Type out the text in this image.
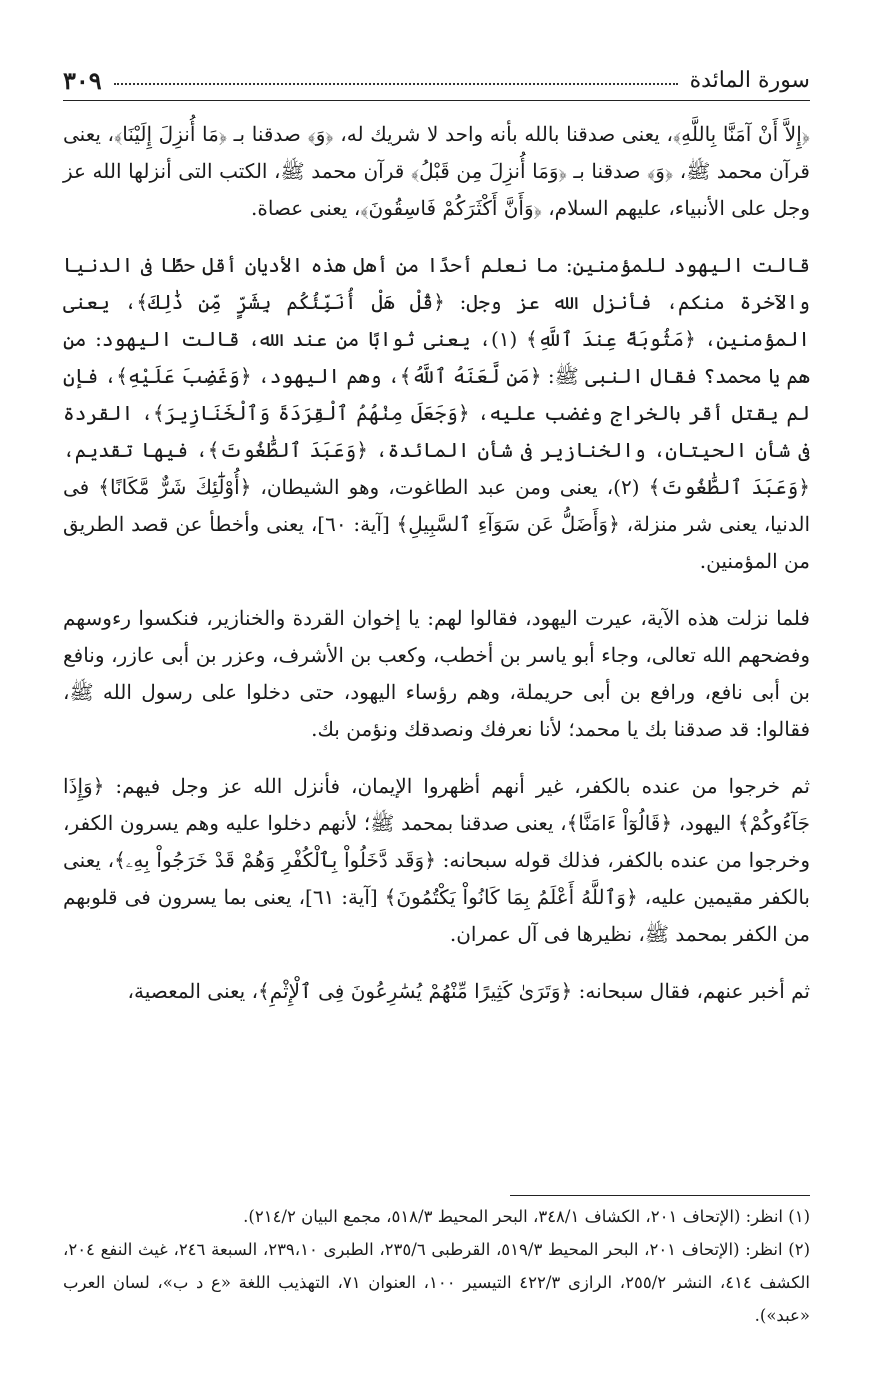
سورة المائدة
٣٠٩

﴿إِلاَّ أَنْ آمَنَّا بِاللَّهِ﴾، يعنى صدقنا بالله بأنه واحد لا شريك له، ﴿وَ﴾ صدقنا بـ ﴿مَا أُنزِلَ إِلَيْنَا﴾، يعنى قرآن محمد ﷺ، ﴿وَ﴾ صدقنا بـ ﴿وَمَا أُنزِلَ مِن قَبْلُ﴾ قرآن محمد ﷺ، الكتب التى أنزلها الله عز وجل على الأنبياء، عليهم السلام، ﴿وَأَنَّ أَكْثَرَكُمْ فَاسِقُونَ﴾، يعنى عصاة.

قالت اليهود للمؤمنين: ما نعلم أحدًا من أهل هذه الأديان أقل حظًا فى الدنيا والآخرة منكم، فأنزل الله عز وجل: ﴿قُلْ هَلْ أُنَبِّئُكُم بِشَرٍّ مِّن ذَٰلِكَ﴾، يعنى المؤمنين، ﴿مَثُوبَةً عِندَ ٱللَّهِ﴾ (١)، يعنى ثوابًا من عند الله، قالت اليهود: من هم يا محمد؟ فقال النبى ﷺ: ﴿مَن لَّعَنَهُ ٱللَّهُ﴾، وهم اليهود، ﴿وَغَضِبَ عَلَيْهِ﴾، فإن لم يقتل أقر بالخراج وغضب عليه، ﴿وَجَعَلَ مِنْهُمُ ٱلْقِرَدَةَ وَٱلْخَنَازِيرَ﴾، القردة فى شأن الحيتان، والخنازير فى شأن المائدة، ﴿وَعَبَدَ ٱلطَّٰغُوتَ﴾، فيها تقديم، ﴿وَعَبَدَ ٱلطَّٰغُوتَ﴾ (٢)، يعنى ومن عبد الطاغوت، وهو الشيطان، ﴿أُوْلَٰٓئِكَ شَرٌّ مَّكَانًا﴾ فى الدنيا، يعنى شر منزلة، ﴿وَأَضَلُّ عَن سَوَآءِ ٱلسَّبِيلِ﴾ [آية: ٦٠]، يعنى وأخطأ عن قصد الطريق من المؤمنين.

فلما نزلت هذه الآية، عيرت اليهود، فقالوا لهم: يا إخوان القردة والخنازير، فنكسوا رءوسهم وفضحهم الله تعالى، وجاء أبو ياسر بن أخطب، وكعب بن الأشرف، وعزر بن أبى عازر، ونافع بن أبى نافع، ورافع بن أبى حريملة، وهم رؤساء اليهود، حتى دخلوا على رسول الله ﷺ، فقالوا: قد صدقنا بك يا محمد؛ لأنا نعرفك ونصدقك ونؤمن بك.

ثم خرجوا من عنده بالكفر، غير أنهم أظهروا الإيمان، فأنزل الله عز وجل فيهم: ﴿وَإِذَا جَآءُوكُمْ﴾ اليهود، ﴿قَالُوٓاْ ءَامَنَّا﴾، يعنى صدقنا بمحمد ﷺ؛ لأنهم دخلوا عليه وهم يسرون الكفر، وخرجوا من عنده بالكفر، فذلك قوله سبحانه: ﴿وَقَد دَّخَلُواْ بِٱلْكُفْرِ وَهُمْ قَدْ خَرَجُواْ بِهِۦ﴾، يعنى بالكفر مقيمين عليه، ﴿وَٱللَّهُ أَعْلَمُ بِمَا كَانُواْ يَكْتُمُونَ﴾ [آية: ٦١]، يعنى بما يسرون فى قلوبهم من الكفر بمحمد ﷺ، نظيرها فى آل عمران.

ثم أخبر عنهم، فقال سبحانه: ﴿وَتَرَىٰ كَثِيرًا مِّنْهُمْ يُسَٰرِعُونَ فِى ٱلْإِثْمِ﴾، يعنى المعصية،

(١) انظر: (الإتحاف ٢٠١، الكشاف ٣٤٨/١، البحر المحيط ٥١٨/٣، مجمع البيان ٢١٤/٢).

(٢) انظر: (الإتحاف ٢٠١، البحر المحيط ٥١٩/٣، القرطبى ٢٣٥/٦، الطبرى ٢٣٩،١٠، السبعة ٢٤٦، غيث النفع ٢٠٤، الكشف ٤١٤، النشر ٢٥٥/٢، الرازى ٤٢٢/٣ التيسير ١٠٠، العنوان ٧١، التهذيب اللغة «ع د ب»، لسان العرب «عبد»).
